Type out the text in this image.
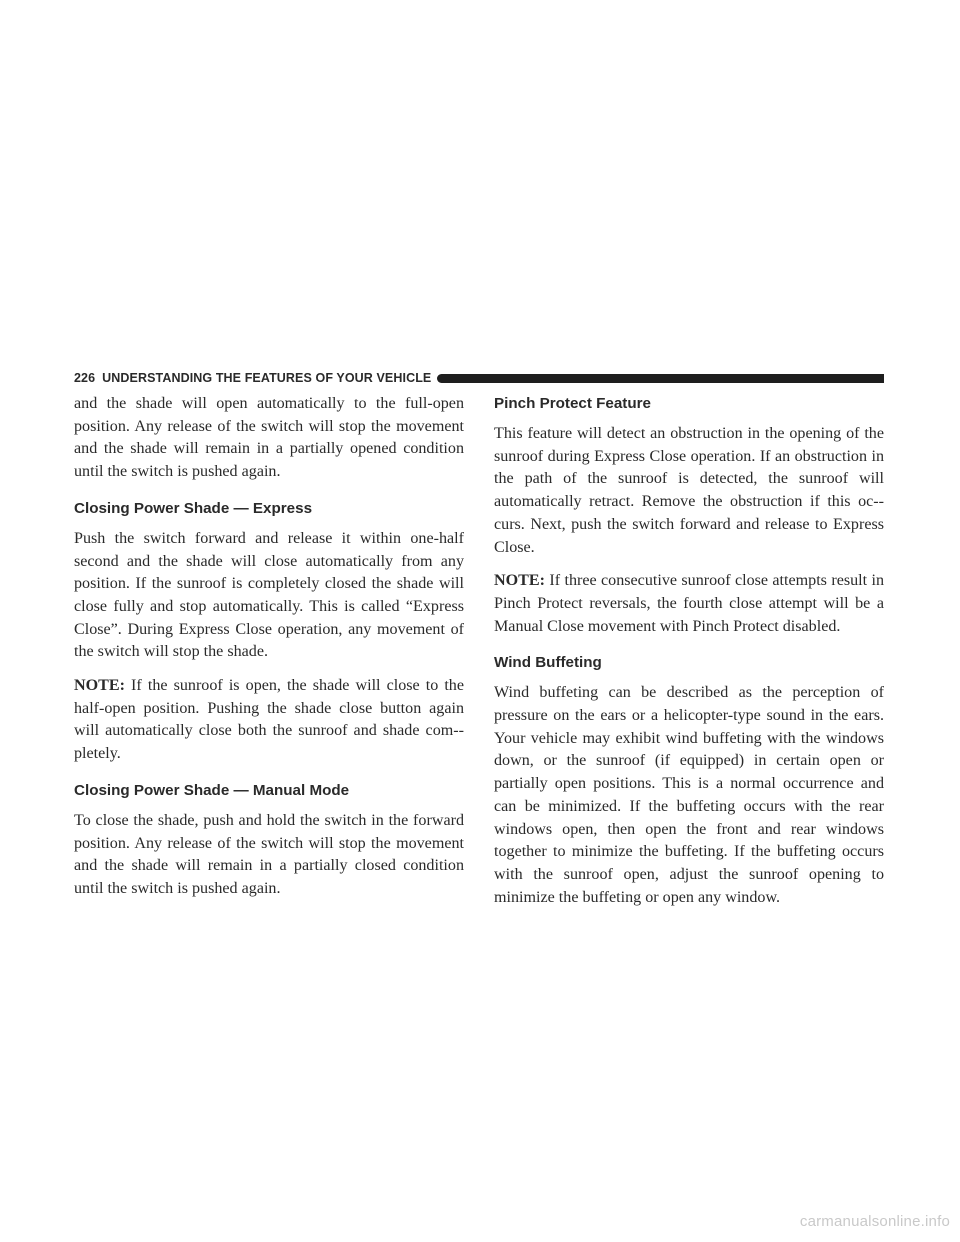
226 UNDERSTANDING THE FEATURES OF YOUR VEHICLE

and the shade will open automatically to the full-open position. Any release of the switch will stop the movement and the shade will remain in a partially opened condition until the switch is pushed again.

Closing Power Shade — Express

Push the switch forward and release it within one-half second and the shade will close automatically from any position. If the sunroof is completely closed the shade will close fully and stop automatically. This is called “Express Close”. During Express Close operation, any movement of the switch will stop the shade.

NOTE: If the sunroof is open, the shade will close to the half-open position. Pushing the shade close button again will automatically close both the sunroof and shade com-pletely.

Closing Power Shade — Manual Mode

To close the shade, push and hold the switch in the forward position. Any release of the switch will stop the movement and the shade will remain in a partially closed condition until the switch is pushed again.

Pinch Protect Feature

This feature will detect an obstruction in the opening of the sunroof during Express Close operation. If an obstruction in the path of the sunroof is detected, the sunroof will automatically retract. Remove the obstruction if this oc-curs. Next, push the switch forward and release to Express Close.

NOTE: If three consecutive sunroof close attempts result in Pinch Protect reversals, the fourth close attempt will be a Manual Close movement with Pinch Protect disabled.

Wind Buffeting

Wind buffeting can be described as the perception of pressure on the ears or a helicopter-type sound in the ears. Your vehicle may exhibit wind buffeting with the windows down, or the sunroof (if equipped) in certain open or partially open positions. This is a normal occurrence and can be minimized. If the buffeting occurs with the rear windows open, then open the front and rear windows together to minimize the buffeting. If the buffeting occurs with the sunroof open, adjust the sunroof opening to minimize the buffeting or open any window.

carmanualsonline.info
